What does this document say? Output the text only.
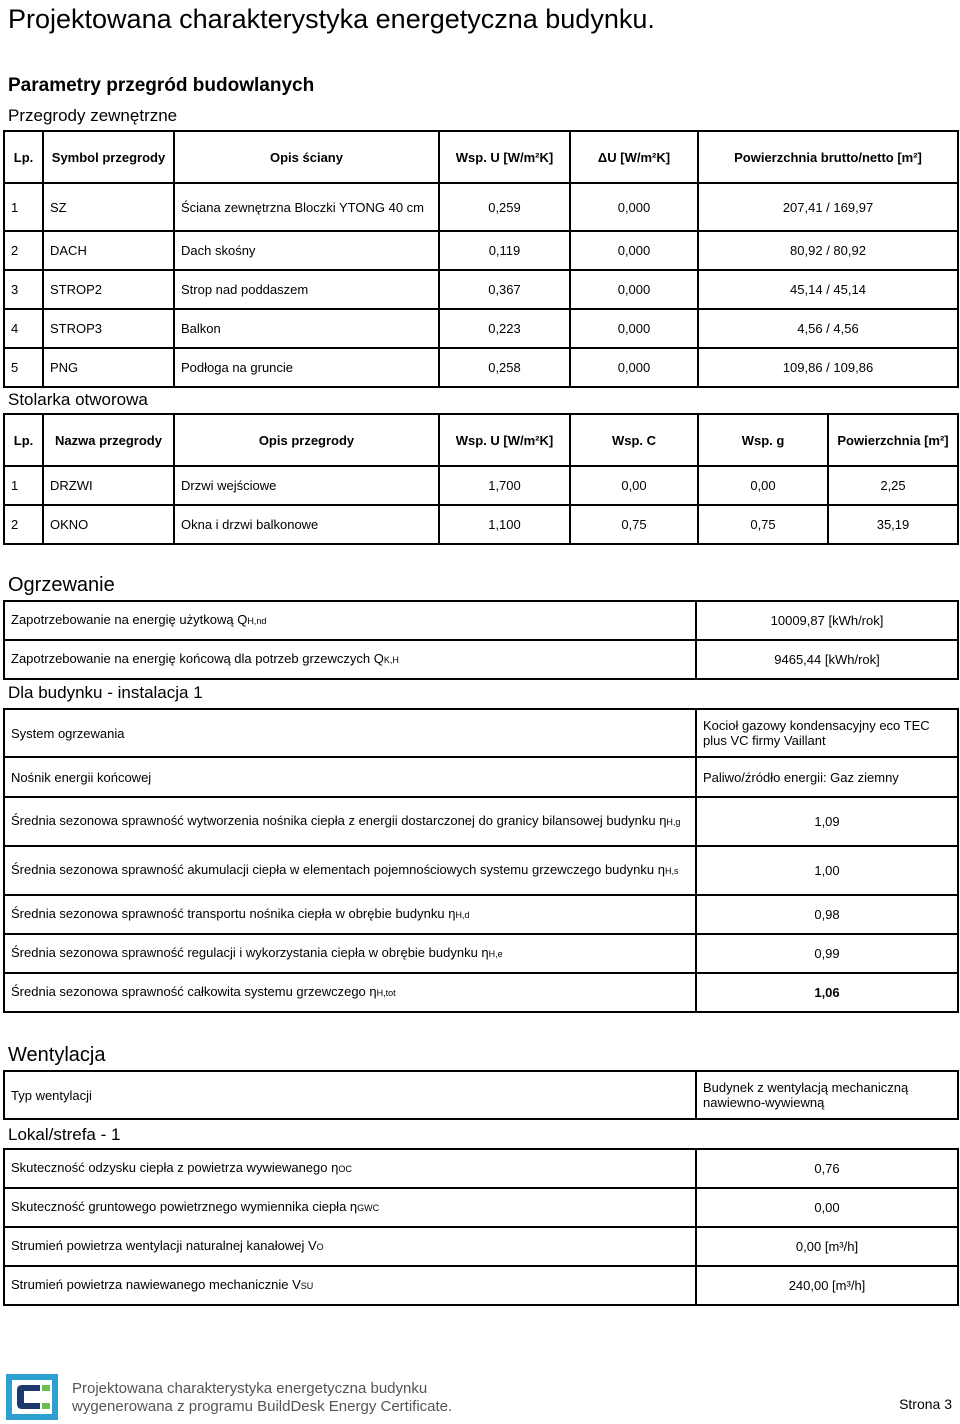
Projektowana charakterystyka energetyczna budynku.
Parametry przegród budowlanych
Przegrody zewnętrzne
Lp.	Symbol przegrody	Opis ściany	Wsp. U [W/m²K]	ΔU [W/m²K]	Powierzchnia brutto/netto [m²]
1	SZ	Ściana zewnętrzna Bloczki YTONG 40 cm	0,259	0,000	207,41 / 169,97
2	DACH	Dach skośny	0,119	0,000	80,92 / 80,92
3	STROP2	Strop nad poddaszem	0,367	0,000	45,14 / 45,14
4	STROP3	Balkon	0,223	0,000	4,56 / 4,56
5	PNG	Podłoga na gruncie	0,258	0,000	109,86 / 109,86
Stolarka otworowa
Lp.	Nazwa przegrody	Opis przegrody	Wsp. U [W/m²K]	Wsp. C	Wsp. g	Powierzchnia [m²]
1	DRZWI	Drzwi wejściowe	1,700	0,00	0,00	2,25
2	OKNO	Okna i drzwi balkonowe	1,100	0,75	0,75	35,19
Ogrzewanie
Zapotrzebowanie na energię użytkową QH,nd	10009,87 [kWh/rok]
Zapotrzebowanie na energię końcową dla potrzeb grzewczych QK,H	9465,44 [kWh/rok]
Dla budynku - instalacja 1
System ogrzewania	Kocioł gazowy kondensacyjny eco TEC plus VC firmy Vaillant
Nośnik energii końcowej	Paliwo/źródło energii: Gaz ziemny
Średnia sezonowa sprawność wytworzenia nośnika ciepła z energii dostarczonej do granicy bilansowej budynku ηH,g	1,09
Średnia sezonowa sprawność akumulacji ciepła w elementach pojemnościowych systemu grzewczego budynku ηH,s	1,00
Średnia sezonowa sprawność transportu nośnika ciepła w obrębie budynku ηH,d	0,98
Średnia sezonowa sprawność regulacji i wykorzystania ciepła w obrębie budynku ηH,e	0,99
Średnia sezonowa sprawność całkowita systemu grzewczego ηH,tot	1,06
Wentylacja
Typ wentylacji	Budynek z wentylacją mechaniczną nawiewno-wywiewną
Lokal/strefa - 1
Skuteczność odzysku ciepła z powietrza wywiewanego ηOC	0,76
Skuteczność gruntowego powietrznego wymiennika ciepła ηGWC	0,00
Strumień powietrza wentylacji naturalnej kanałowej VO	0,00 [m³/h]
Strumień powietrza nawiewanego mechanicznie VSU	240,00 [m³/h]
Projektowana charakterystyka energetyczna budynku
wygenerowana z programu BuildDesk Energy Certificate.	Strona 3
